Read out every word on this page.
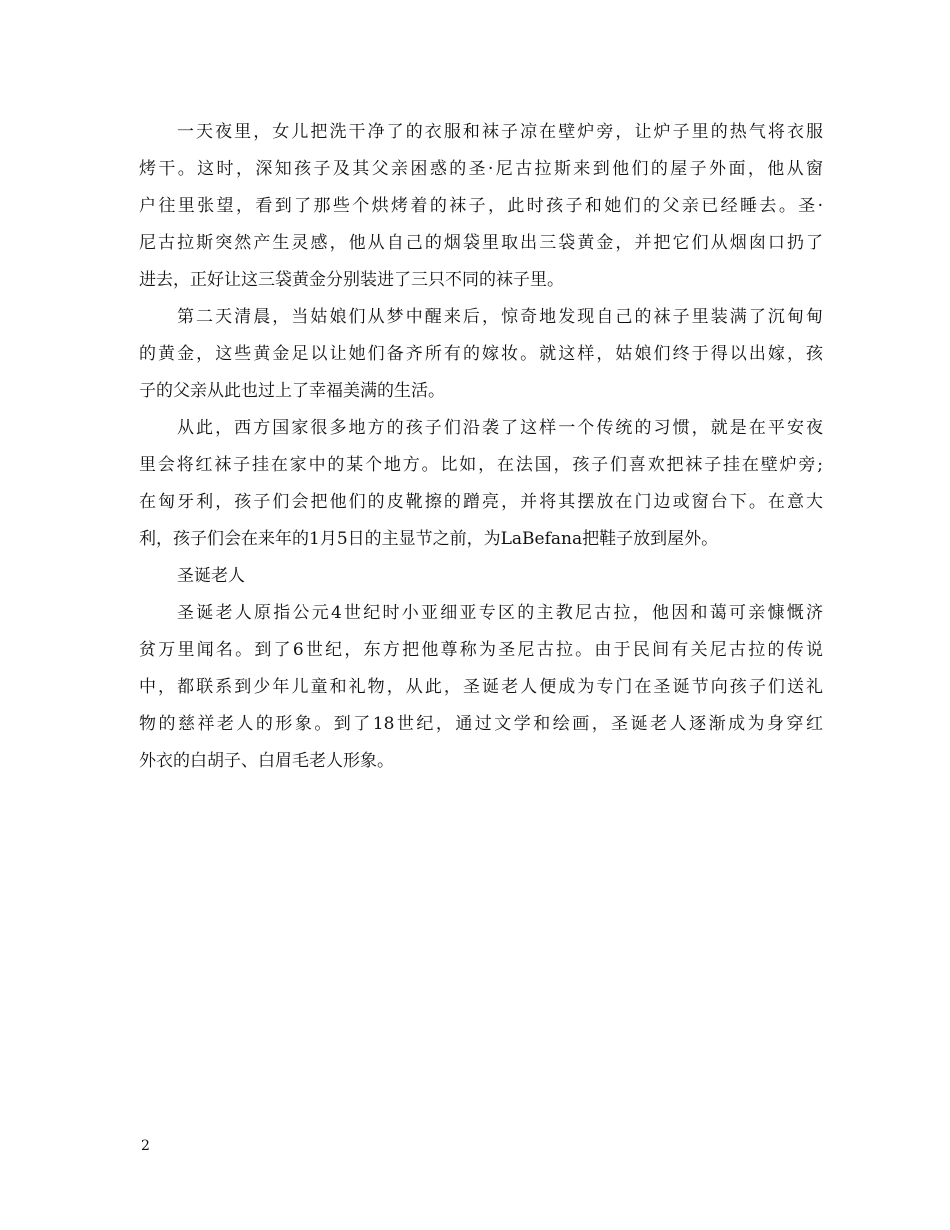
一天夜里，女儿把洗干净了的衣服和袜子凉在壁炉旁，让炉子里的热气将衣服
烤干。这时，深知孩子及其父亲困惑的圣·尼古拉斯来到他们的屋子外面，他从窗
户往里张望，看到了那些个烘烤着的袜子，此时孩子和她们的父亲已经睡去。圣·
尼古拉斯突然产生灵感，他从自己的烟袋里取出三袋黄金，并把它们从烟囱口扔了
进去，正好让这三袋黄金分别装进了三只不同的袜子里。
第二天清晨，当姑娘们从梦中醒来后，惊奇地发现自己的袜子里装满了沉甸甸
的黄金，这些黄金足以让她们备齐所有的嫁妆。就这样，姑娘们终于得以出嫁，孩
子的父亲从此也过上了幸福美满的生活。
从此，西方国家很多地方的孩子们沿袭了这样一个传统的习惯，就是在平安夜
里会将红袜子挂在家中的某个地方。比如，在法国，孩子们喜欢把袜子挂在壁炉旁;
在匈牙利，孩子们会把他们的皮靴擦的蹭亮，并将其摆放在门边或窗台下。在意大
利，孩子们会在来年的1月5日的主显节之前，为LaBefana把鞋子放到屋外。
圣诞老人
圣诞老人原指公元4世纪时小亚细亚专区的主教尼古拉，他因和蔼可亲慷慨济
贫万里闻名。到了6世纪，东方把他尊称为圣尼古拉。由于民间有关尼古拉的传说
中，都联系到少年儿童和礼物，从此，圣诞老人便成为专门在圣诞节向孩子们送礼
物的慈祥老人的形象。到了18世纪，通过文学和绘画，圣诞老人逐渐成为身穿红
外衣的白胡子、白眉毛老人形象。
2
